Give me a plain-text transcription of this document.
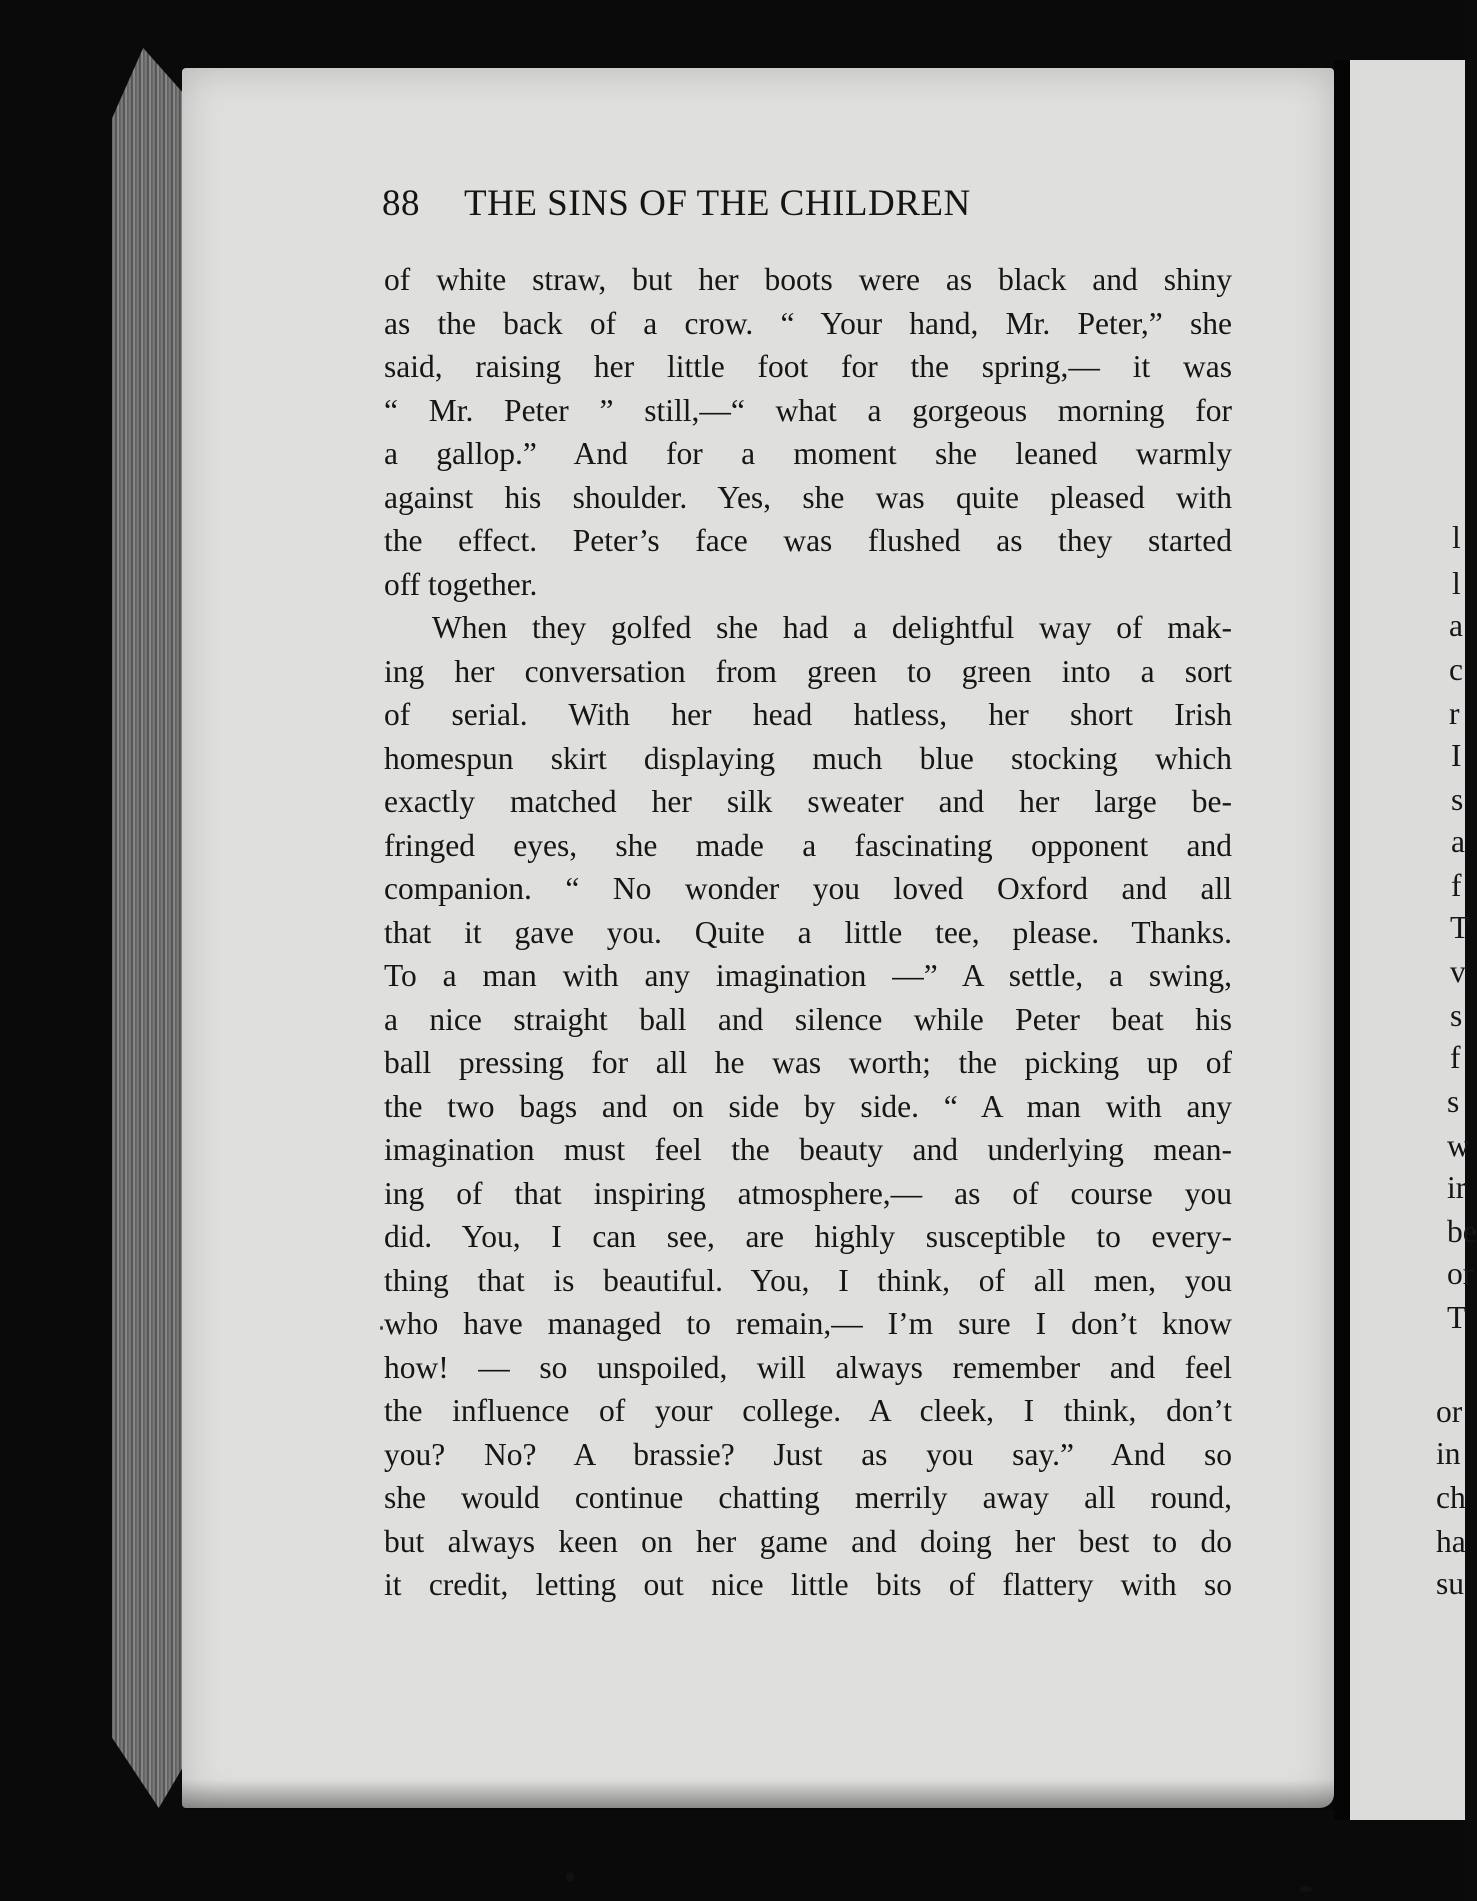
88 THE SINS OF THE CHILDREN
of white straw, but her boots were as black and shiny
as the back of a crow. “ Your hand, Mr. Peter,” she
said, raising her little foot for the spring,— it was
“ Mr. Peter ” still,—“ what a gorgeous morning for
a gallop.” And for a moment she leaned warmly
against his shoulder. Yes, she was quite pleased with
the effect. Peter’s face was flushed as they started
off together.
When they golfed she had a delightful way of mak-
ing her conversation from green to green into a sort
of serial. With her head hatless, her short Irish
homespun skirt displaying much blue stocking which
exactly matched her silk sweater and her large be-
fringed eyes, she made a fascinating opponent and
companion. “ No wonder you loved Oxford and all
that it gave you. Quite a little tee, please. Thanks.
To a man with any imagination —” A settle, a swing,
a nice straight ball and silence while Peter beat his
ball pressing for all he was worth; the picking up of
the two bags and on side by side. “ A man with any
imagination must feel the beauty and underlying mean-
ing of that inspiring atmosphere,— as of course you
did. You, I can see, are highly susceptible to every-
thing that is beautiful. You, I think, of all men, you
who have managed to remain,— I’m sure I don’t know
how! — so unspoiled, will always remember and feel
the influence of your college. A cleek, I think, don’t
you? No? A brassie? Just as you say.” And so
she would continue chatting merrily away all round,
but always keen on her game and doing her best to do
it credit, letting out nice little bits of flattery with so
l
l
a
c
r
I
s
a
f
T
v
s
f
s
w
ir
be
or
T
or
in
ch
ha
su
